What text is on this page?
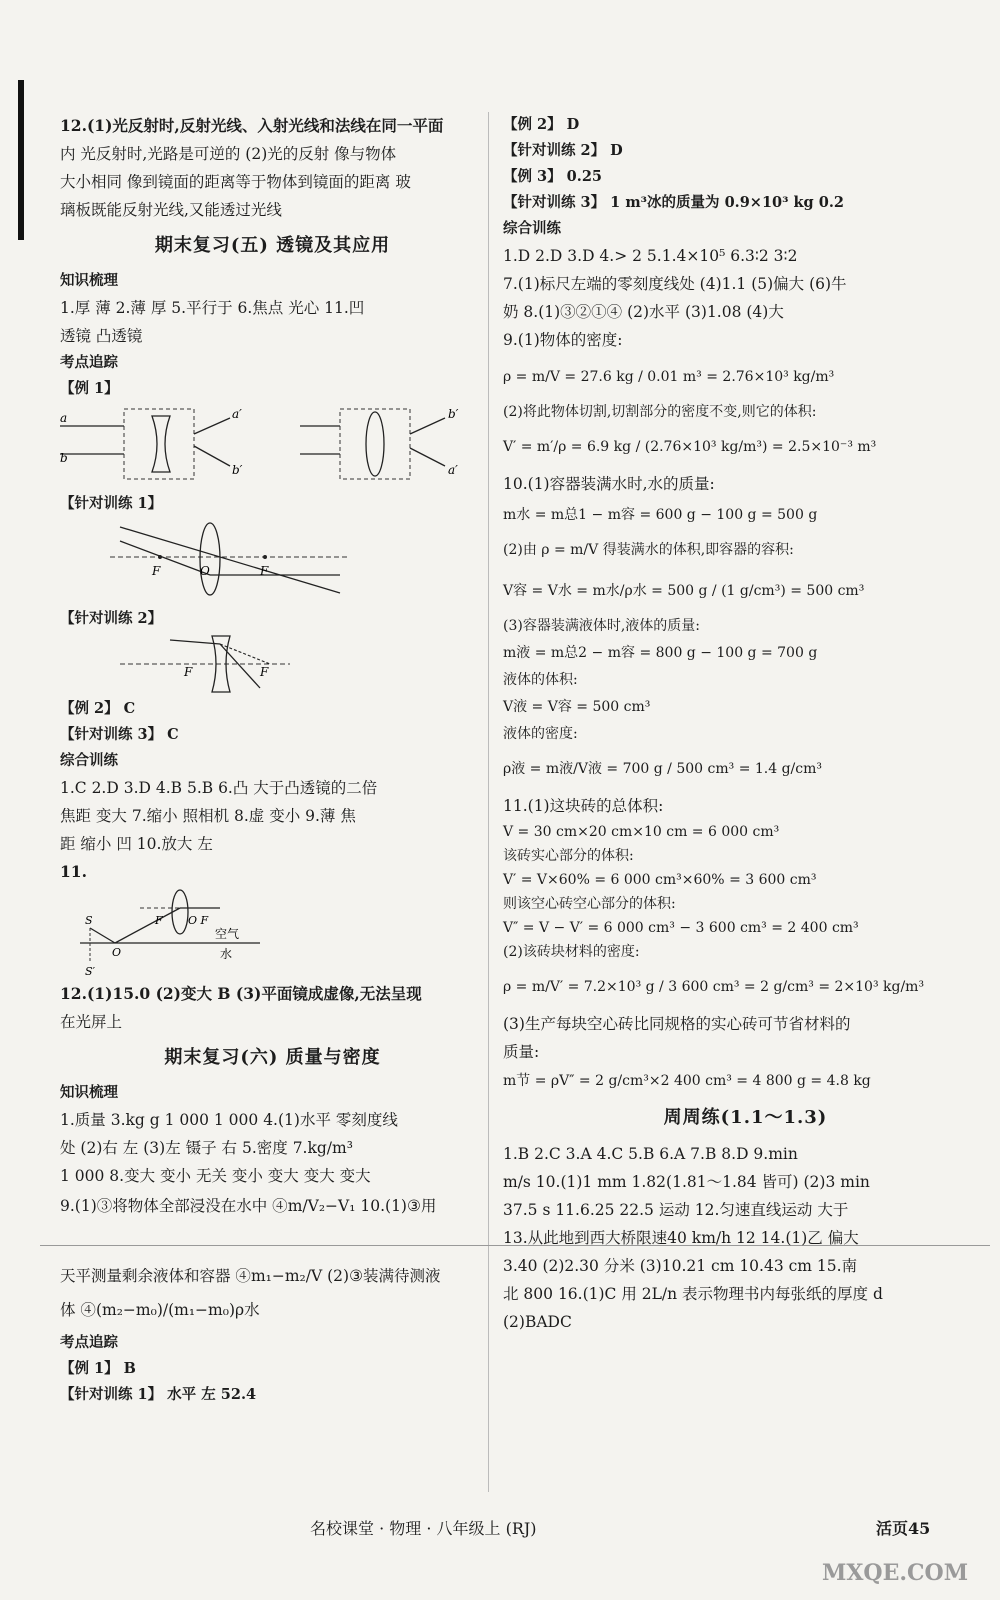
12.(1)光反射时,反射光线、入射光线和法线在同一平面
内 光反射时,光路是可逆的 (2)光的反射 像与物体
大小相同 像到镜面的距离等于物体到镜面的距离 玻
璃板既能反射光线,又能透过光线
期末复习(五) 透镜及其应用
知识梳理
1.厚 薄 2.薄 厚 5.平行于 6.焦点 光心 11.凹
透镜 凸透镜
考点追踪
【例 1】
a
b
a′
b′
b′
a′
【针对训练 1】
F	O	F
【针对训练 2】
F	F
【例 2】 C
【针对训练 3】 C
综合训练
1.C 2.D 3.D 4.B 5.B 6.凸 大于凸透镜的二倍
焦距 变大 7.缩小 照相机 8.虚 变小 9.薄 焦
距 缩小 凹 10.放大 左
11.
S
S′
O
F O F
空气
水
12.(1)15.0 (2)变大 B (3)平面镜成虚像,无法呈现
在光屏上
期末复习(六) 质量与密度
知识梳理
1.质量 3.kg g 1 000 1 000 4.(1)水平 零刻度线
处 (2)右 左 (3)左 镊子 右 5.密度 7.kg/m³
1 000 8.变大 变小 无关 变小 变大 变大 变大
9.(1)③将物体全部浸没在水中 ④m/V₂−V₁ 10.(1)③用
天平测量剩余液体和容器 ④m₁−m₂/V (2)③装满待测液
体 ④(m₂−m₀)/(m₁−m₀)ρ水
考点追踪
【例 1】 B
【针对训练 1】 水平 左 52.4
【例 2】 D
【针对训练 2】 D
【例 3】 0.25
【针对训练 3】 1 m³冰的质量为 0.9×10³ kg 0.2
综合训练
1.D 2.D 3.D 4.> 2 5.1.4×10⁵ 6.3∶2 3∶2
7.(1)标尺左端的零刻度线处 (4)1.1 (5)偏大 (6)牛
奶 8.(1)③②①④ (2)水平 (3)1.08 (4)大
9.(1)物体的密度:
ρ = m/V = 27.6 kg / 0.01 m³ = 2.76×10³ kg/m³
(2)将此物体切割,切割部分的密度不变,则它的体积:
V′ = m′/ρ = 6.9 kg / (2.76×10³ kg/m³) = 2.5×10⁻³ m³
10.(1)容器装满水时,水的质量:
m水 = m总1 − m容 = 600 g − 100 g = 500 g
(2)由 ρ = m/V 得装满水的体积,即容器的容积:
V容 = V水 = m水/ρ水 = 500 g / (1 g/cm³) = 500 cm³
(3)容器装满液体时,液体的质量:
m液 = m总2 − m容 = 800 g − 100 g = 700 g
液体的体积:
V液 = V容 = 500 cm³
液体的密度:
ρ液 = m液/V液 = 700 g / 500 cm³ = 1.4 g/cm³
11.(1)这块砖的总体积:
V = 30 cm×20 cm×10 cm = 6 000 cm³
该砖实心部分的体积:
V′ = V×60% = 6 000 cm³×60% = 3 600 cm³
则该空心砖空心部分的体积:
V″ = V − V′ = 6 000 cm³ − 3 600 cm³ = 2 400 cm³
(2)该砖块材料的密度:
ρ = m/V′ = 7.2×10³ g / 3 600 cm³ = 2 g/cm³ = 2×10³ kg/m³
(3)生产每块空心砖比同规格的实心砖可节省材料的
质量:
m节 = ρV″ = 2 g/cm³×2 400 cm³ = 4 800 g = 4.8 kg
周周练(1.1～1.3)
1.B 2.C 3.A 4.C 5.B 6.A 7.B 8.D 9.min
m/s 10.(1)1 mm 1.82(1.81～1.84 皆可) (2)3 min
37.5 s 11.6.25 22.5 运动 12.匀速直线运动 大于
13.从此地到西大桥限速40 km/h 12 14.(1)乙 偏大
3.40 (2)2.30 分米 (3)10.21 cm 10.43 cm 15.南
北 800 16.(1)C 用 2L/n 表示物理书内每张纸的厚度 d
(2)BADC
名校课堂 · 物理 · 八年级上 (RJ)	活页45
MXQE.COM
